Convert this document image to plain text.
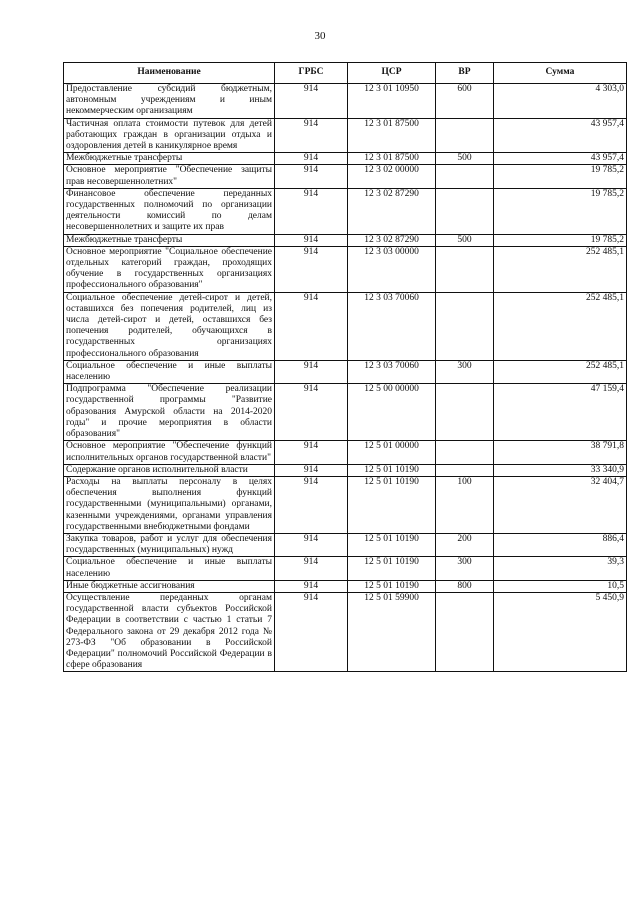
30
Наименование	ГРБС	ЦСР	ВР	Сумма
Предоставление субсидий бюджетным, автономным учреждениям и иным некоммерческим организациям	914	12 3 01 10950	600	4 303,0
Частичная оплата стоимости путевок для детей работающих граждан в организации отдыха и оздоровления детей в каникулярное время	914	12 3 01 87500		43 957,4
Межбюджетные трансферты	914	12 3 01 87500	500	43 957,4
Основное мероприятие "Обеспечение защиты прав несовершеннолетних"	914	12 3 02 00000		19 785,2
Финансовое обеспечение переданных государственных полномочий по организации деятельности комиссий по делам несовершеннолетних и защите их прав	914	12 3 02 87290		19 785,2
Межбюджетные трансферты	914	12 3 02 87290	500	19 785,2
Основное мероприятие "Социальное обеспечение отдельных категорий граждан, проходящих обучение в государственных организациях профессионального образования"	914	12 3 03 00000		252 485,1
Социальное обеспечение детей-сирот и детей, оставшихся без попечения родителей, лиц из числа детей-сирот и детей, оставшихся без попечения родителей, обучающихся в государственных организациях профессионального образования	914	12 3 03 70060		252 485,1
Социальное обеспечение и иные выплаты населению	914	12 3 03 70060	300	252 485,1
Подпрограмма "Обеспечение реализации государственной программы "Развитие образования Амурской области на 2014-2020 годы" и прочие мероприятия в области образования"	914	12 5 00 00000		47 159,4
Основное мероприятие "Обеспечение функций исполнительных органов государственной власти"	914	12 5 01 00000		38 791,8
Содержание органов исполнительной власти	914	12 5 01 10190		33 340,9
Расходы на выплаты персоналу в целях обеспечения выполнения функций государственными (муниципальными) органами, казенными учреждениями, органами управления государственными внебюджетными фондами	914	12 5 01 10190	100	32 404,7
Закупка товаров, работ и услуг для обеспечения государственных (муниципальных) нужд	914	12 5 01 10190	200	886,4
Социальное обеспечение и иные выплаты населению	914	12 5 01 10190	300	39,3
Иные бюджетные ассигнования	914	12 5 01 10190	800	10,5
Осуществление переданных органам государственной власти субъектов Российской Федерации в соответствии с частью 1 статьи 7 Федерального закона от 29 декабря 2012 года № 273-ФЗ "Об образовании в Российской Федерации" полномочий Российской Федерации в сфере образования	914	12 5 01 59900		5 450,9
